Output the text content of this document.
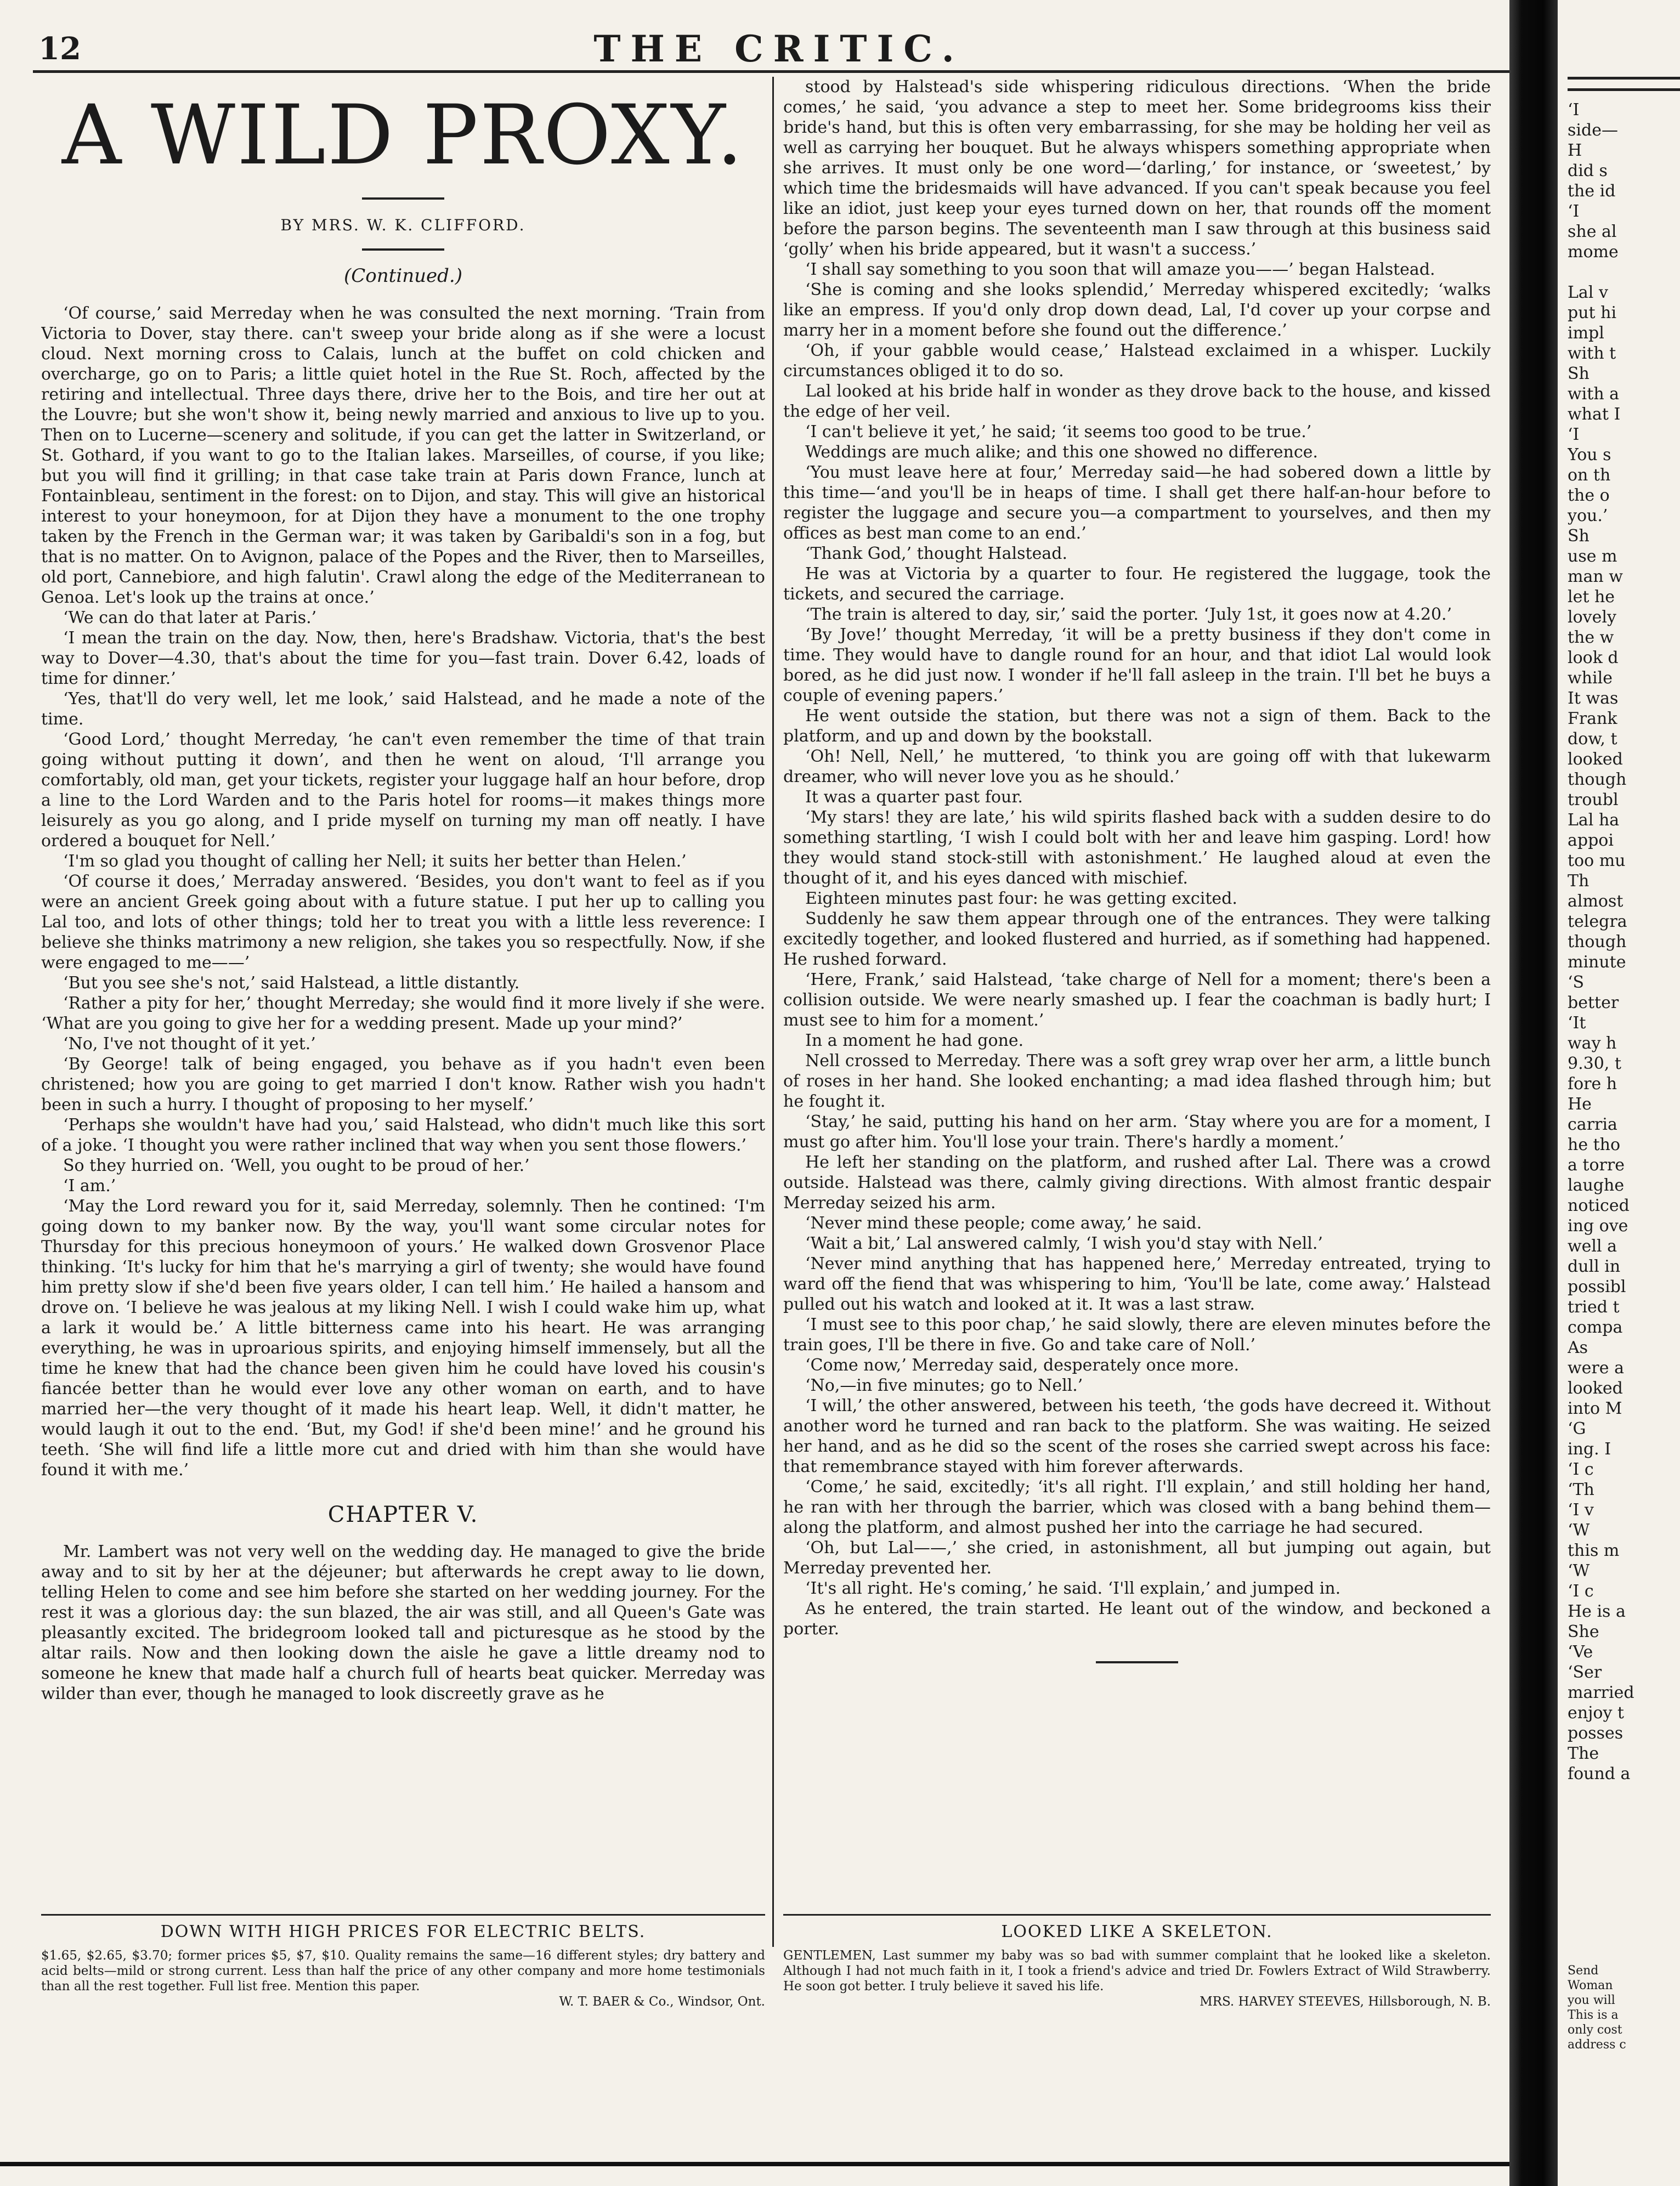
THE CRITIC.
12
A WILD PROXY.
BY MRS. W. K. CLIFFORD.
(Continued.)

‘Of course,’ said Merreday when he was consulted the next morning. ‘Train from Victoria to Dover, stay there. can't sweep your bride along as if she were a locust cloud. Next morning cross to Calais, lunch at the buffet on cold chicken and overcharge, go on to Paris; a little quiet hotel in the Rue St. Roch, affected by the retiring and intellectual. Three days there, drive her to the Bois, and tire her out at the Louvre; but she won't show it, being newly married and anxious to live up to you. Then on to Lucerne—scenery and solitude, if you can get the latter in Switzerland, or St. Gothard, if you want to go to the Italian lakes. Marseilles, of course, if you like; but you will find it grilling; in that case take train at Paris down France, lunch at Fontainbleau, sentiment in the forest: on to Dijon, and stay. This will give an historical interest to your honeymoon, for at Dijon they have a monument to the one trophy taken by the French in the German war; it was taken by Garibaldi's son in a fog, but that is no matter. On to Avignon, palace of the Popes and the River, then to Marseilles, old port, Cannebiore, and high falutin'. Crawl along the edge of the Mediterranean to Genoa. Let's look up the trains at once.’

‘We can do that later at Paris.’

‘I mean the train on the day. Now, then, here's Bradshaw. Victoria, that's the best way to Dover—4.30, that's about the time for you—fast train. Dover 6.42, loads of time for dinner.’

‘Yes, that'll do very well, let me look,’ said Halstead, and he made a note of the time.

‘Good Lord,’ thought Merreday, ‘he can't even remember the time of that train going without putting it down’, and then he went on aloud, ‘I'll arrange you comfortably, old man, get your tickets, register your luggage half an hour before, drop a line to the Lord Warden and to the Paris hotel for rooms—it makes things more leisurely as you go along, and I pride myself on turning my man off neatly. I have ordered a bouquet for Nell.’

‘I'm so glad you thought of calling her Nell; it suits her better than Helen.’

‘Of course it does,’ Merraday answered. ‘Besides, you don't want to feel as if you were an ancient Greek going about with a future statue. I put her up to calling you Lal too, and lots of other things; told her to treat you with a little less reverence: I believe she thinks matrimony a new religion, she takes you so respectfully. Now, if she were engaged to me——’

‘But you see she's not,’ said Halstead, a little distantly.

‘Rather a pity for her,’ thought Merreday; she would find it more lively if she were. ‘What are you going to give her for a wedding present. Made up your mind?’

‘No, I've not thought of it yet.’

‘By George! talk of being engaged, you behave as if you hadn't even been christened; how you are going to get married I don't know. Rather wish you hadn't been in such a hurry. I thought of proposing to her myself.’

‘Perhaps she wouldn't have had you,’ said Halstead, who didn't much like this sort of a joke. ‘I thought you were rather inclined that way when you sent those flowers.’

So they hurried on. ‘Well, you ought to be proud of her.’

‘I am.’

‘May the Lord reward you for it, said Merreday, solemnly. Then he contined: ‘I'm going down to my banker now. By the way, you'll want some circular notes for Thursday for this precious honeymoon of yours.’ He walked down Grosvenor Place thinking. ‘It's lucky for him that he's marrying a girl of twenty; she would have found him pretty slow if she'd been five years older, I can tell him.’ He hailed a hansom and drove on. ‘I believe he was jealous at my liking Nell. I wish I could wake him up, what a lark it would be.’ A little bitterness came into his heart. He was arranging everything, he was in uproarious spirits, and enjoying himself immensely, but all the time he knew that had the chance been given him he could have loved his cousin's fiancée better than he would ever love any other woman on earth, and to have married her—the very thought of it made his heart leap. Well, it didn't matter, he would laugh it out to the end. ‘But, my God! if she'd been mine!’ and he ground his teeth. ‘She will find life a little more cut and dried with him than she would have found it with me.’

CHAPTER V.

Mr. Lambert was not very well on the wedding day. He managed to give the bride away and to sit by her at the déjeuner; but afterwards he crept away to lie down, telling Helen to come and see him before she started on her wedding journey. For the rest it was a glorious day: the sun blazed, the air was still, and all Queen's Gate was pleasantly excited. The bridegroom looked tall and picturesque as he stood by the altar rails. Now and then looking down the aisle he gave a little dreamy nod to someone he knew that made half a church full of hearts beat quicker. Merreday was wilder than ever, though he managed to look discreetly grave as he

stood by Halstead's side whispering ridiculous directions. ‘When the bride comes,’ he said, ‘you advance a step to meet her. Some bridegrooms kiss their bride's hand, but this is often very embarrassing, for she may be holding her veil as well as carrying her bouquet. But he always whispers something appropriate when she arrives. It must only be one word—‘darling,’ for instance, or ‘sweetest,’ by which time the bridesmaids will have advanced. If you can't speak because you feel like an idiot, just keep your eyes turned down on her, that rounds off the moment before the parson begins. The seventeenth man I saw through at this business said ‘golly’ when his bride appeared, but it wasn't a success.’

‘I shall say something to you soon that will amaze you——’ began Halstead.

‘She is coming and she looks splendid,’ Merreday whispered excitedly; ‘walks like an empress. If you'd only drop down dead, Lal, I'd cover up your corpse and marry her in a moment before she found out the difference.’

‘Oh, if your gabble would cease,’ Halstead exclaimed in a whisper. Luckily circumstances obliged it to do so.

Lal looked at his bride half in wonder as they drove back to the house, and kissed the edge of her veil.

‘I can't believe it yet,’ he said; ‘it seems too good to be true.’

Weddings are much alike; and this one showed no difference.

‘You must leave here at four,’ Merreday said—he had sobered down a little by this time—‘and you'll be in heaps of time. I shall get there half-an-hour before to register the luggage and secure you—a compartment to yourselves, and then my offices as best man come to an end.’

‘Thank God,’ thought Halstead.

He was at Victoria by a quarter to four. He registered the luggage, took the tickets, and secured the carriage.

‘The train is altered to day, sir,’ said the porter. ‘July 1st, it goes now at 4.20.’

‘By Jove!’ thought Merreday, ‘it will be a pretty business if they don't come in time. They would have to dangle round for an hour, and that idiot Lal would look bored, as he did just now. I wonder if he'll fall asleep in the train. I'll bet he buys a couple of evening papers.’

He went outside the station, but there was not a sign of them. Back to the platform, and up and down by the bookstall.

‘Oh! Nell, Nell,’ he muttered, ‘to think you are going off with that lukewarm dreamer, who will never love you as he should.’

It was a quarter past four.

‘My stars! they are late,’ his wild spirits flashed back with a sudden desire to do something startling, ‘I wish I could bolt with her and leave him gasping. Lord! how they would stand stock-still with astonishment.’ He laughed aloud at even the thought of it, and his eyes danced with mischief.

Eighteen minutes past four: he was getting excited.

Suddenly he saw them appear through one of the entrances. They were talking excitedly together, and looked flustered and hurried, as if something had happened. He rushed forward.

‘Here, Frank,’ said Halstead, ‘take charge of Nell for a moment; there's been a collision outside. We were nearly smashed up. I fear the coachman is badly hurt; I must see to him for a moment.’

In a moment he had gone.

Nell crossed to Merreday. There was a soft grey wrap over her arm, a little bunch of roses in her hand. She looked enchanting; a mad idea flashed through him; but he fought it.

‘Stay,’ he said, putting his hand on her arm. ‘Stay where you are for a moment, I must go after him. You'll lose your train. There's hardly a moment.’

He left her standing on the platform, and rushed after Lal. There was a crowd outside. Halstead was there, calmly giving directions. With almost frantic despair Merreday seized his arm.

‘Never mind these people; come away,’ he said.

‘Wait a bit,’ Lal answered calmly, ‘I wish you'd stay with Nell.’

‘Never mind anything that has happened here,’ Merreday entreated, trying to ward off the fiend that was whispering to him, ‘You'll be late, come away.’ Halstead pulled out his watch and looked at it. It was a last straw.

‘I must see to this poor chap,’ he said slowly, there are eleven minutes before the train goes, I'll be there in five. Go and take care of Noll.’

‘Come now,’ Merreday said, desperately once more.

‘No,—in five minutes; go to Nell.’

‘I will,’ the other answered, between his teeth, ‘the gods have decreed it. Without another word he turned and ran back to the platform. She was waiting. He seized her hand, and as he did so the scent of the roses she carried swept across his face: that remembrance stayed with him forever afterwards.

‘Come,’ he said, excitedly; ‘it's all right. I'll explain,’ and still holding her hand, he ran with her through the barrier, which was closed with a bang behind them—along the platform, and almost pushed her into the carriage he had secured.

‘Oh, but Lal——,’ she cried, in astonishment, all but jumping out again, but Merreday prevented her.

‘It's all right. He's coming,’ he said. ‘I'll explain,’ and jumped in.

As he entered, the train started. He leant out of the window, and beckoned a porter.

DOWN WITH HIGH PRICES FOR ELECTRIC BELTS.

$1.65, $2.65, $3.70; former prices $5, $7, $10. Quality remains the same—16 different styles; dry battery and acid belts—mild or strong current. Less than half the price of any other company and more home testimonials than all the rest together. Full list free. Mention this paper.

W. T. BAER & Co., Windsor, Ont.

LOOKED LIKE A SKELETON.

GENTLEMEN, Last summer my baby was so bad with summer complaint that he looked like a skeleton. Although I had not much faith in it, I took a friend's advice and tried Dr. Fowlers Extract of Wild Strawberry. He soon got better. I truly believe it saved his life.

MRS. HARVEY STEEVES, Hillsborough, N. B.

‘I
side—
H
did s
the id
‘I
she al
mome

Lal v
put hi
impl
with t
Sh
with a
what I
‘I
You s
on th
the o
you.’
Sh
use m
man w
let he
lovely
the w
look d
while
It was
Frank
dow, t
looked
though
troubl
Lal ha
appoi
too mu
Th
almost
telegra
though
minute
‘S
better
‘It
way h
9.30, t
fore h
He
carria
he tho
a torre
laughe
noticed
ing ove
well a
dull in
possibl
tried t
compa
As
were a
looked
into M
‘G
ing. I
‘I c
‘Th
‘I v
‘W
this m
‘W
‘I c
He is a
She
‘Ve
‘Ser
married
enjoy t
posses
The
found a
Send
Woman
you will
This is a
only cost
address c
